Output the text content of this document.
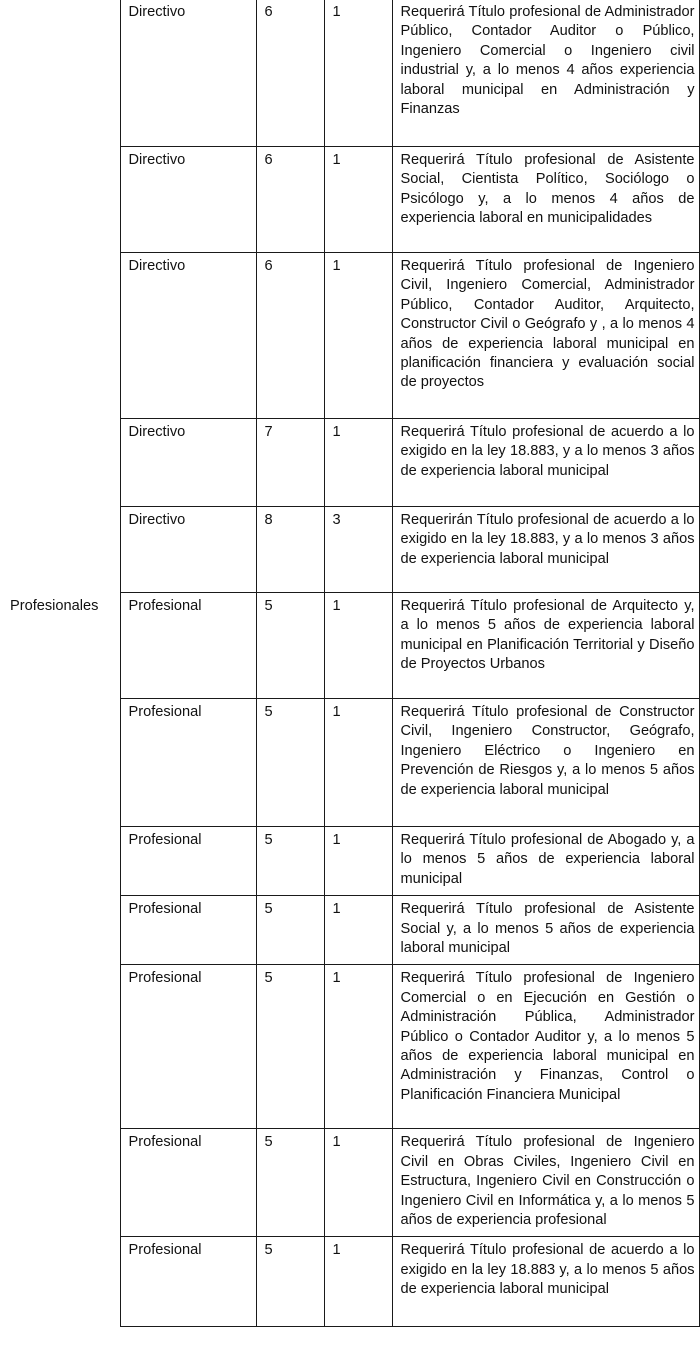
	Directivo	6	1	Requerirá Título profesional de Administrador Público, Contador Auditor o Público, Ingeniero Comercial o Ingeniero civil industrial y, a lo menos 4 años experiencia laboral municipal en Administración y Finanzas
	Directivo	6	1	Requerirá Título profesional de Asistente Social, Cientista Político, Sociólogo o Psicólogo y, a lo menos 4 años de experiencia laboral en municipalidades
	Directivo	6	1	Requerirá Título profesional de Ingeniero Civil, Ingeniero Comercial, Administrador Público, Contador Auditor, Arquitecto, Constructor Civil o Geógrafo y , a lo menos 4 años de experiencia laboral municipal en planificación financiera y evaluación social de proyectos
	Directivo	7	1	Requerirá Título profesional de acuerdo a lo exigido en la ley 18.883, y a lo menos 3 años de experiencia laboral municipal
	Directivo	8	3	Requerirán Título profesional de acuerdo a lo exigido en la ley 18.883, y a lo menos 3 años de experiencia laboral municipal
Profesionales	Profesional	5	1	Requerirá Título profesional de Arquitecto y, a lo menos 5 años de experiencia laboral municipal en Planificación Territorial y Diseño de Proyectos Urbanos
	Profesional	5	1	Requerirá Título profesional de Constructor Civil, Ingeniero Constructor, Geógrafo, Ingeniero Eléctrico o Ingeniero en Prevención de Riesgos y, a lo menos 5 años de experiencia laboral municipal
	Profesional	5	1	Requerirá Título profesional de Abogado y, a lo menos 5 años de experiencia laboral municipal
	Profesional	5	1	Requerirá Título profesional de Asistente Social y, a lo menos 5 años de experiencia laboral municipal
	Profesional	5	1	Requerirá Título profesional de Ingeniero Comercial o en Ejecución en Gestión o Administración Pública, Administrador Público o Contador Auditor y, a lo menos 5 años de experiencia laboral municipal en Administración y Finanzas, Control o Planificación Financiera Municipal
	Profesional	5	1	Requerirá Título profesional de Ingeniero Civil en Obras Civiles, Ingeniero Civil en Estructura, Ingeniero Civil en Construcción o Ingeniero Civil en Informática y, a lo menos 5 años de experiencia profesional
	Profesional	5	1	Requerirá Título profesional de acuerdo a lo exigido en la ley 18.883 y, a lo menos 5 años de experiencia laboral municipal
